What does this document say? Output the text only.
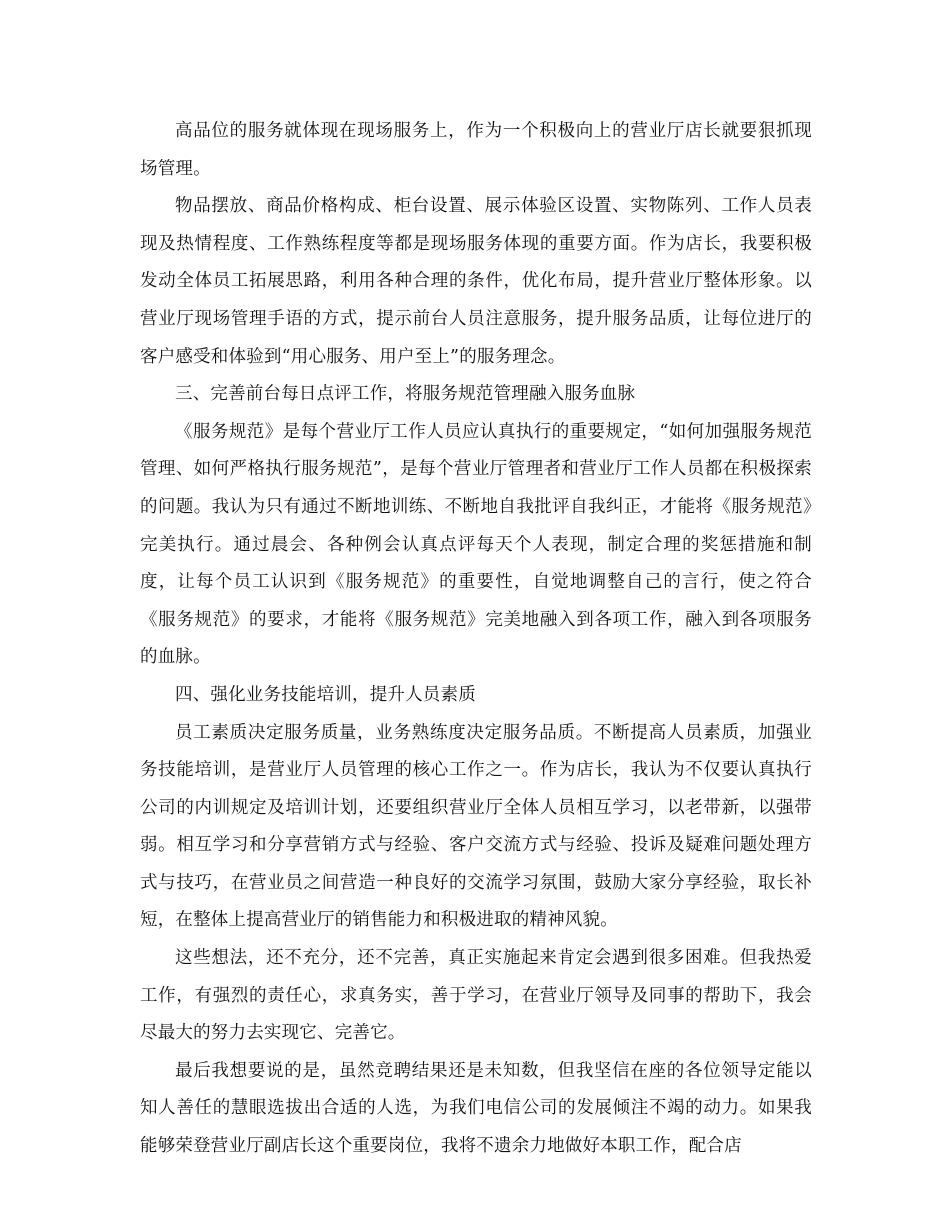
高品位的服务就体现在现场服务上，作为一个积极向上的营业厅店长就要狠抓现场管理。

物品摆放、商品价格构成、柜台设置、展示体验区设置、实物陈列、工作人员表现及热情程度、工作熟练程度等都是现场服务体现的重要方面。作为店长，我要积极发动全体员工拓展思路，利用各种合理的条件，优化布局，提升营业厅整体形象。以营业厅现场管理手语的方式，提示前台人员注意服务，提升服务品质，让每位进厅的客户感受和体验到“用心服务、用户至上”的服务理念。

三、完善前台每日点评工作，将服务规范管理融入服务血脉

《服务规范》是每个营业厅工作人员应认真执行的重要规定，“如何加强服务规范管理、如何严格执行服务规范”，是每个营业厅管理者和营业厅工作人员都在积极探索的问题。我认为只有通过不断地训练、不断地自我批评自我纠正，才能将《服务规范》完美执行。通过晨会、各种例会认真点评每天个人表现，制定合理的奖惩措施和制度，让每个员工认识到《服务规范》的重要性，自觉地调整自己的言行，使之符合《服务规范》的要求，才能将《服务规范》完美地融入到各项工作，融入到各项服务的血脉。

四、强化业务技能培训，提升人员素质

员工素质决定服务质量，业务熟练度决定服务品质。不断提高人员素质，加强业务技能培训，是营业厅人员管理的核心工作之一。作为店长，我认为不仅要认真执行公司的内训规定及培训计划，还要组织营业厅全体人员相互学习，以老带新，以强带弱。相互学习和分享营销方式与经验、客户交流方式与经验、投诉及疑难问题处理方式与技巧，在营业员之间营造一种良好的交流学习氛围，鼓励大家分享经验，取长补短，在整体上提高营业厅的销售能力和积极进取的精神风貌。

这些想法，还不充分，还不完善，真正实施起来肯定会遇到很多困难。但我热爱工作，有强烈的责任心，求真务实，善于学习，在营业厅领导及同事的帮助下，我会尽最大的努力去实现它、完善它。

最后我想要说的是，虽然竞聘结果还是未知数，但我坚信在座的各位领导定能以知人善任的慧眼选拔出合适的人选，为我们电信公司的发展倾注不竭的动力。如果我能够荣登营业厅副店长这个重要岗位，我将不遗余力地做好本职工作，配合店
